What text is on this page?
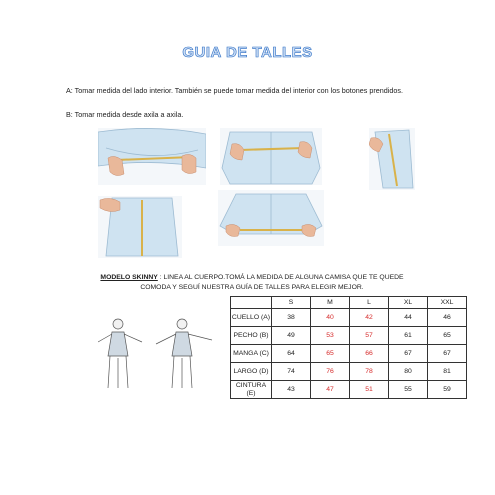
GUIA DE TALLES
A: Tomar medida del lado interior. También se puede tomar medida del interior con los botones prendidos.
B: Tomar medida desde axila a axila.
MODELO SKINNY : LINEA AL CUERPO.TOMÁ LA MEDIDA DE ALGUNA CAMISA QUE TE QUEDE
COMODA Y SEGUÍ NUESTRA GUÍA DE TALLES PARA ELEGIR MEJOR.
	S	M	L	XL	XXL
CUELLO (A)	38	40	42	44	46
PECHO (B)	49	53	57	61	65
MANGA (C)	64	65	66	67	67
LARGO (D)	74	76	78	80	81
CINTURA (E)	43	47	51	55	59
